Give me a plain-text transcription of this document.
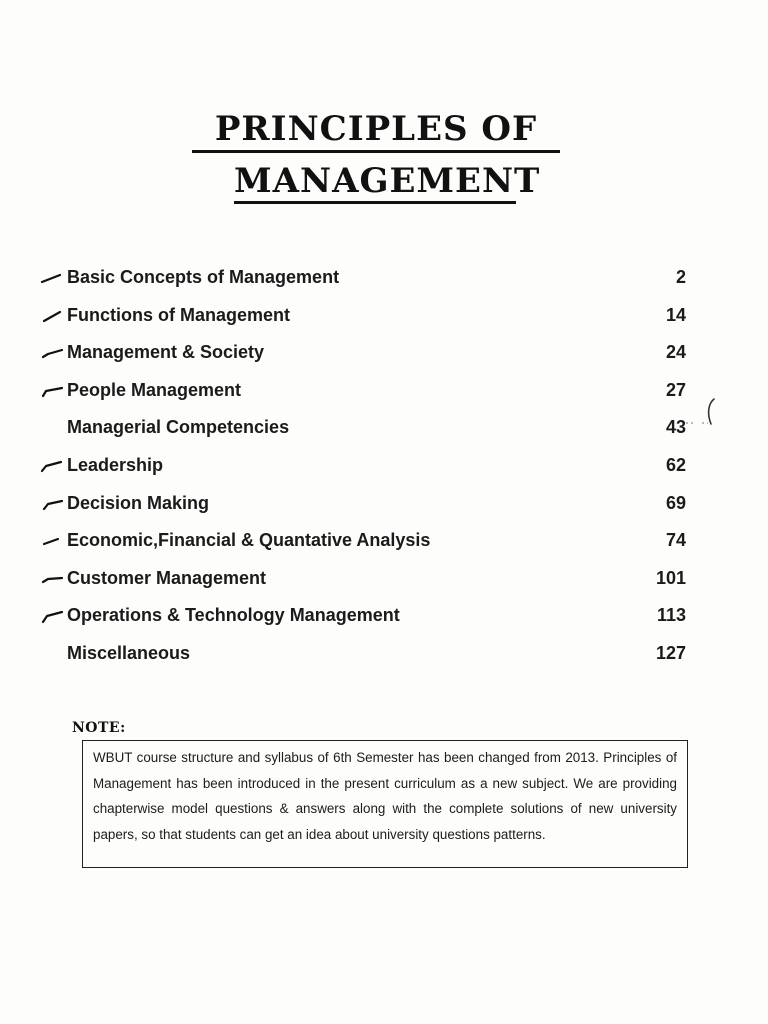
PRINCIPLES OF
MANAGEMENT
Basic Concepts of Management	2
Functions of Management	14
Management & Society	24
People Management	27
Managerial Competencies	43
Leadership	62
Decision Making	69
Economic,Financial & Quantative Analysis	74
Customer Management	101
Operations & Technology Management	113
Miscellaneous	127
NOTE:
WBUT course structure and syllabus of 6th Semester has been changed from 2013. Principles of Management has been introduced in the present curriculum as a new subject. We are providing chapterwise model questions & answers along with the complete solutions of new university papers, so that students can get an idea about university questions patterns.
